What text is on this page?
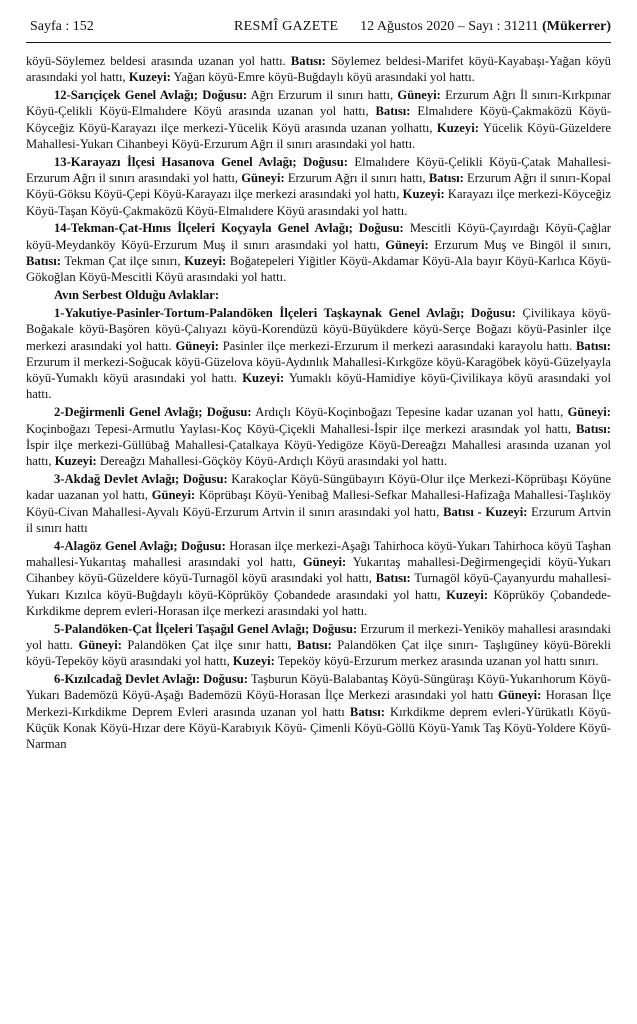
Sayfa : 152	RESMÎ GAZETE 12 Ağustos 2020 – Sayı : 31211 (Mükerrer)

köyü-Söylemez beldesi arasında uzanan yol hattı. Batısı: Söylemez beldesi-Marifet köyü-Kayabaşı-Yağan köyü arasındaki yol hattı, Kuzeyi: Yağan köyü-Emre köyü-Buğdaylı köyü arasındaki yol hattı.

12-Sarıçiçek Genel Avlağı; Doğusu: Ağrı Erzurum il sınırı hattı, Güneyi: Erzurum Ağrı İl sınırı-Kırkpınar Köyü-Çelikli Köyü-Elmalıdere Köyü arasında uzanan yol hattı, Batısı: Elmalıdere Köyü-Çakmaközü Köyü-Köyceğiz Köyü-Karayazı ilçe merkezi-Yücelik Köyü arasında uzanan yolhattı, Kuzeyi: Yücelik Köyü-Güzeldere Mahallesi-Yukarı Cihanbeyi Köyü-Erzurum Ağrı il sınırı arasındaki yol hattı.

13-Karayazı İlçesi Hasanova Genel Avlağı; Doğusu: Elmalıdere Köyü-Çelikli Köyü-Çatak Mahallesi-Erzurum Ağrı il sınırı arasındaki yol hattı, Güneyi: Erzurum Ağrı il sınırı hattı, Batısı: Erzurum Ağrı il sınırı-Kopal Köyü-Göksu Köyü-Çepi Köyü-Karayazı ilçe merkezi arasındaki yol hattı, Kuzeyi: Karayazı ilçe merkezi-Köyceğiz Köyü-Taşan Köyü-Çakmaközü Köyü-Elmalıdere Köyü arasındaki yol hattı.

14-Tekman-Çat-Hınıs İlçeleri Koçyayla Genel Avlağı; Doğusu: Mescitli Köyü-Çayırdağı Köyü-Çağlar köyü-Meydanköy Köyü-Erzurum Muş il sınırı arasındaki yol hattı, Güneyi: Erzurum Muş ve Bingöl il sınırı, Batısı: Tekman Çat ilçe sınırı, Kuzeyi: Boğatepeleri Yiğitler Köyü-Akdamar Köyü-Ala bayır Köyü-Karlıca Köyü-Gökoğlan Köyü-Mescitli Köyü arasındaki yol hattı.

Avın Serbest Olduğu Avlaklar:

1-Yakutiye-Pasinler-Tortum-Palandöken İlçeleri Taşkaynak Genel Avlağı; Doğusu: Çivilikaya köyü-Boğakale köyü-Başören köyü-Çalıyazı köyü-Korendüzü köyü-Büyükdere köyü-Serçe Boğazı köyü-Pasinler ilçe merkezi arasındaki yol hattı. Güneyi: Pasinler ilçe merkezi-Erzurum il merkezi aarasındaki karayolu hattı. Batısı: Erzurum il merkezi-Soğucak köyü-Güzelova köyü-Aydınlık Mahallesi-Kırkgöze köyü-Karagöbek köyü-Güzelyayla köyü-Yumaklı köyü arasındaki yol hattı. Kuzeyi: Yumaklı köyü-Hamidiye köyü-Çivilikaya köyü arasındaki yol hattı.

2-Değirmenli Genel Avlağı; Doğusu: Ardıçlı Köyü-Koçinboğazı Tepesine kadar uzanan yol hattı, Güneyi: Koçinboğazı Tepesi-Armutlu Yaylası-Koç Köyü-Çiçekli Mahallesi-İspir ilçe merkezi arasındak yol hattı, Batısı: İspir ilçe merkezi-Güllübağ Mahallesi-Çatalkaya Köyü-Yedigöze Köyü-Dereağzı Mahallesi arasında uzanan yol hattı, Kuzeyi: Dereağzı Mahallesi-Göçköy Köyü-Ardıçlı Köyü arasındaki yol hattı.

3-Akdağ Devlet Avlağı; Doğusu: Karakoçlar Köyü-Süngübayırı Köyü-Olur ilçe Merkezi-Köprübaşı Köyüne kadar uazanan yol hattı, Güneyi: Köprübaşı Köyü-Yenibağ Mallesi-Sefkar Mahallesi-Hafizağa Mahallesi-Taşlıköy Köyü-Civan Mahallesi-Ayvalı Köyü-Erzurum Artvin il sınırı arasındaki yol hattı, Batısı - Kuzeyi: Erzurum Artvin il sınırı hattı

4-Alagöz Genel Avlağı; Doğusu: Horasan ilçe merkezi-Aşağı Tahirhoca köyü-Yukarı Tahirhoca köyü Taşhan mahallesi-Yukarıtaş mahallesi arasındaki yol hattı, Güneyi: Yukarıtaş mahallesi-Değirmengeçidi köyü-Yukarı Cihanbey köyü-Güzeldere köyü-Turnagöl köyü arasındaki yol hattı, Batısı: Turnagöl köyü-Çayanyurdu mahallesi-Yukarı Kızılca köyü-Buğdaylı köyü-Köprüköy Çobandede arasındaki yol hattı, Kuzeyi: Köprüköy Çobandede-Kırkdikme deprem evleri-Horasan ilçe merkezi arasındaki yol hattı.

5-Palandöken-Çat İlçeleri Taşağıl Genel Avlağı; Doğusu: Erzurum il merkezi-Yeniköy mahallesi arasındaki yol hattı. Güneyi: Palandöken Çat ilçe sınır hattı, Batısı: Palandöken Çat ilçe sınırı- Taşlıgüney köyü-Börekli köyü-Tepeköy köyü arasındaki yol hattı, Kuzeyi: Tepeköy köyü-Erzurum merkez arasında uzanan yol hattı sınırı.

6-Kızılcadağ Devlet Avlağı: Doğusu: Taşburun Köyü-Balabantaş Köyü-Süngüraşı Köyü-Yukarıhorum Köyü-Yukarı Bademözü Köyü-Aşağı Bademözü Köyü-Horasan İlçe Merkezi arasındaki yol hattı Güneyi: Horasan İlçe Merkezi-Kırkdikme Deprem Evleri arasında uzanan yol hattı Batısı: Kırkdikme deprem evleri-Yürükatlı Köyü-Küçük Konak Köyü-Hızar dere Köyü-Karabıyık Köyü- Çimenli Köyü-Göllü Köyü-Yanık Taş Köyü-Yoldere Köyü-Narman
